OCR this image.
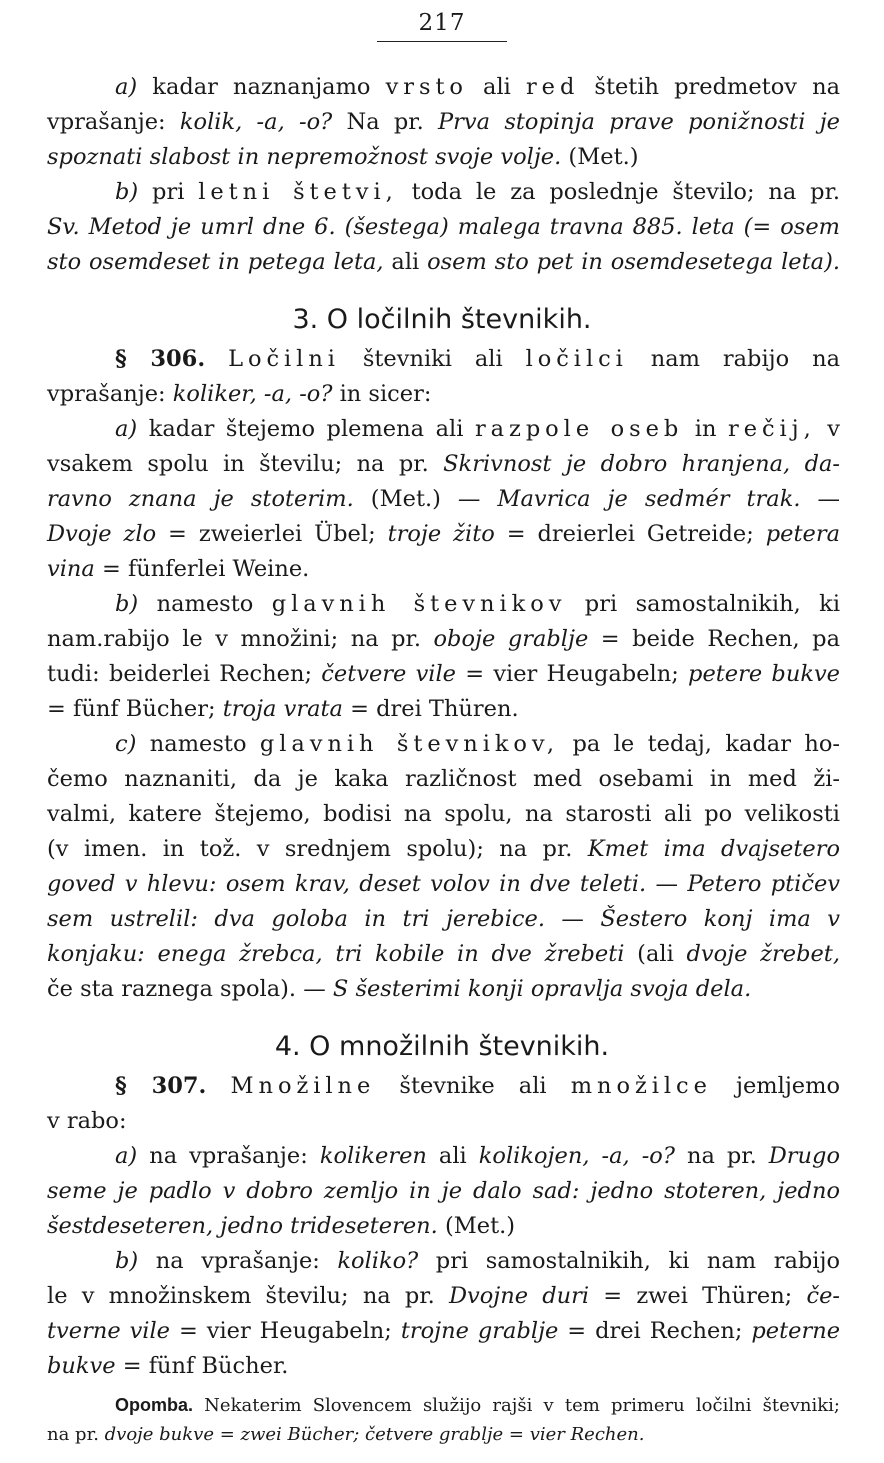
217
a) kadar naznanjamo vrsto ali red štetih predmetov na
vprašanje: kolik, -a, -o? Na pr. Prva stopinja prave ponižnosti je
spoznati slabost in nepremožnost svoje volje. (Met.)
b) pri letni štetvi, toda le za poslednje število; na pr.
Sv. Metod je umrl dne 6. (šestega) malega travna 885. leta (= osem
sto osemdeset in petega leta, ali osem sto pet in osemdesetega leta).
3. O ločilnih števnikih.
§ 306. Ločilni števniki ali ločilci nam rabijo na
vprašanje: koliker, -a, -o? in sicer:
a) kadar štejemo plemena ali razpole oseb in rečij, v
vsakem spolu in številu; na pr. Skrivnost je dobro hranjena, da-
ravno znana je stoterim. (Met.) — Mavrica je sedmér trak. —
Dvoje zlo = zweierlei Übel; troje žito = dreierlei Getreide; petera
vina = fünferlei Weine.
b) namesto glavnih števnikov pri samostalnikih, ki
nam.rabijo le v množini; na pr. oboje grablje = beide Rechen, pa
tudi: beiderlei Rechen; četvere vile = vier Heugabeln; petere bukve
= fünf Bücher; troja vrata = drei Thüren.
c) namesto glavnih števnikov, pa le tedaj, kadar ho-
čemo naznaniti, da je kaka različnost med osebami in med ži-
valmi, katere štejemo, bodisi na spolu, na starosti ali po velikosti
(v imen. in tož. v srednjem spolu); na pr. Kmet ima dvajsetero
goved v hlevu: osem krav, deset volov in dve teleti. — Petero ptičev
sem ustrelil: dva goloba in tri jerebice. — Šestero konj ima v
konjaku: enega žrebca, tri kobile in dve žrebeti (ali dvoje žrebet,
če sta raznega spola). — S šesterimi konji opravlja svoja dela.
4. O množilnih števnikih.
§ 307. Množilne števnike ali množilce jemljemo
v rabo:
a) na vprašanje: kolikeren ali kolikojen, -a, -o? na pr. Drugo
seme je padlo v dobro zemljo in je dalo sad: jedno stoteren, jedno
šestdeseteren, jedno trideseteren. (Met.)
b) na vprašanje: koliko? pri samostalnikih, ki nam rabijo
le v množinskem številu; na pr. Dvojne duri = zwei Thüren; če-
tverne vile = vier Heugabeln; trojne grablje = drei Rechen; peterne
bukve = fünf Bücher.
Opomba. Nekaterim Slovencem služijo rajši v tem primeru ločilni števniki;
na pr. dvoje bukve = zwei Bücher; četvere grablje = vier Rechen.
